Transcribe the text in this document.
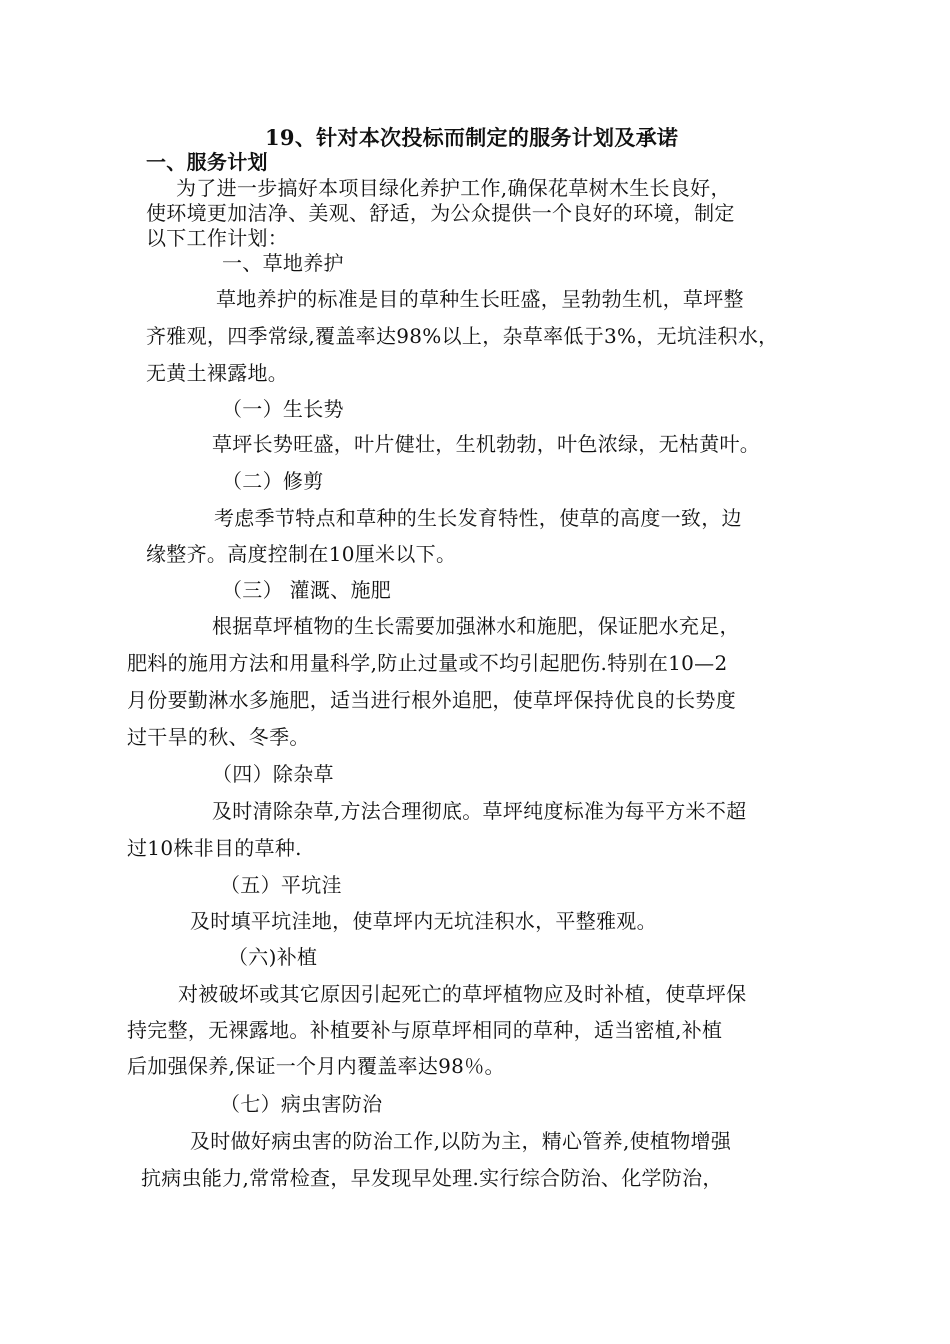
19、针对本次投标而制定的服务计划及承诺
一、服务计划
为了进一步搞好本项目绿化养护工作,确保花草树木生长良好，
使环境更加洁净、美观、舒适，为公众提供一个良好的环境，制定
以下工作计划：
一、草地养护
草地养护的标准是目的草种生长旺盛，呈勃勃生机，草坪整
齐雅观，四季常绿,覆盖率达98%以上，杂草率低于3%，无坑洼积水，
无黄土裸露地。
（一）生长势
草坪长势旺盛，叶片健壮，生机勃勃，叶色浓绿，无枯黄叶。
（二）修剪
考虑季节特点和草种的生长发育特性，使草的高度一致，边
缘整齐。高度控制在10厘米以下。
（三） 灌溉、施肥
根据草坪植物的生长需要加强淋水和施肥，保证肥水充足，
肥料的施用方法和用量科学,防止过量或不均引起肥伤.特别在10—2
月份要勤淋水多施肥，适当进行根外追肥，使草坪保持优良的长势度
过干旱的秋、冬季。
（四）除杂草
及时清除杂草,方法合理彻底。草坪纯度标准为每平方米不超
过10株非目的草种.
（五）平坑洼
及时填平坑洼地，使草坪内无坑洼积水，平整雅观。
（六)补植
对被破坏或其它原因引起死亡的草坪植物应及时补植，使草坪保
持完整，无裸露地。补植要补与原草坪相同的草种，适当密植,补植
后加强保养,保证一个月内覆盖率达98％。
（七）病虫害防治
及时做好病虫害的防治工作,以防为主，精心管养,使植物增强
抗病虫能力,常常检查，早发现早处理.实行综合防治、化学防治，
